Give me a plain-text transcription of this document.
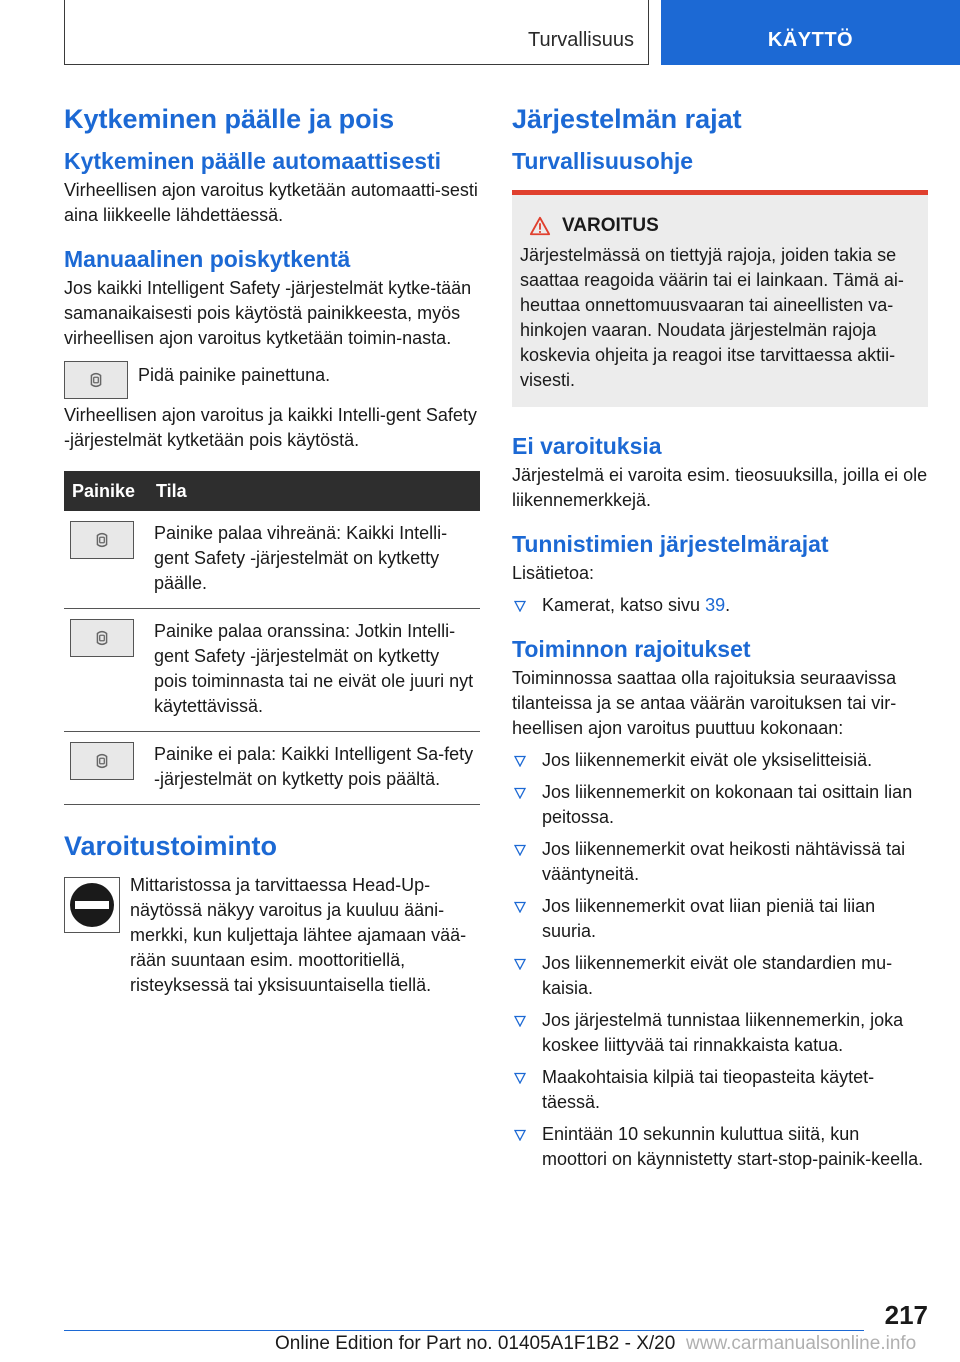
Turvallisuus	KÄYTTÖ
Kytkeminen päälle ja pois
Kytkeminen päälle automaattisesti

Virheellisen ajon varoitus kytketään automaatti-sesti aina liikkeelle lähdettäessä.

Manuaalinen poiskytkentä

Jos kaikki Intelligent Safety -järjestelmät kytke-tään samanaikaisesti pois käytöstä painikkeesta, myös virheellisen ajon varoitus kytketään toimin-nasta.

Pidä painike painettuna.

Virheellisen ajon varoitus ja kaikki Intelli-gent Safety -järjestelmät kytketään pois käytöstä.

Painike	Tila

	Painike palaa vihreänä: Kaikki Intelli-gent Safety -järjestelmät on kytketty päälle.

	Painike palaa oranssina: Jotkin Intelli-gent Safety -järjestelmät on kytketty pois toiminnasta tai ne eivät ole juuri nyt käytettävissä.

	Painike ei pala: Kaikki Intelligent Sa-fety -järjestelmät on kytketty pois päältä.
Varoitustoiminto

Mittaristossa ja tarvittaessa Head-Up-näytössä näkyy varoitus ja kuuluu ääni-merkki, kun kuljettaja lähtee ajamaan vää-rään suuntaan esim. moottoritiellä, risteyksessä tai yksisuuntaisella tiellä.

Järjestelmän rajat
Turvallisuusohje
VAROITUS

Järjestelmässä on tiettyjä rajoja, joiden takia se saattaa reagoida väärin tai ei lainkaan. Tämä ai-heuttaa onnettomuusvaaran tai aineellisten va-hinkojen vaaran. Noudata järjestelmän rajoja koskevia ohjeita ja reagoi itse tarvittaessa aktii-visesti.

Ei varoituksia

Järjestelmä ei varoita esim. tieosuuksilla, joilla ei ole liikennemerkkejä.

Tunnistimien järjestelmärajat

Lisätietoa:

Kamerat, katso sivu 39.
Toiminnon rajoitukset

Toiminnossa saattaa olla rajoituksia seuraavissa tilanteissa ja se antaa väärän varoituksen tai vir-heellisen ajon varoitus puuttuu kokonaan:

Jos liikennemerkit eivät ole yksiselitteisiä.
Jos liikennemerkit on kokonaan tai osittain lian peitossa.
Jos liikennemerkit ovat heikosti nähtävissä tai vääntyneitä.
Jos liikennemerkit ovat liian pieniä tai liian suuria.
Jos liikennemerkit eivät ole standardien mu-kaisia.
Jos järjestelmä tunnistaa liikennemerkin, joka koskee liittyvää tai rinnakkaista katua.
Maakohtaisia kilpiä tai tieopasteita käytet-täessä.
Enintään 10 sekunnin kuluttua siitä, kun moottori on käynnistetty start-stop-painik-keella.
217
Online Edition for Part no. 01405A1F1B2 - X/20 www.carmanualsonline.info
